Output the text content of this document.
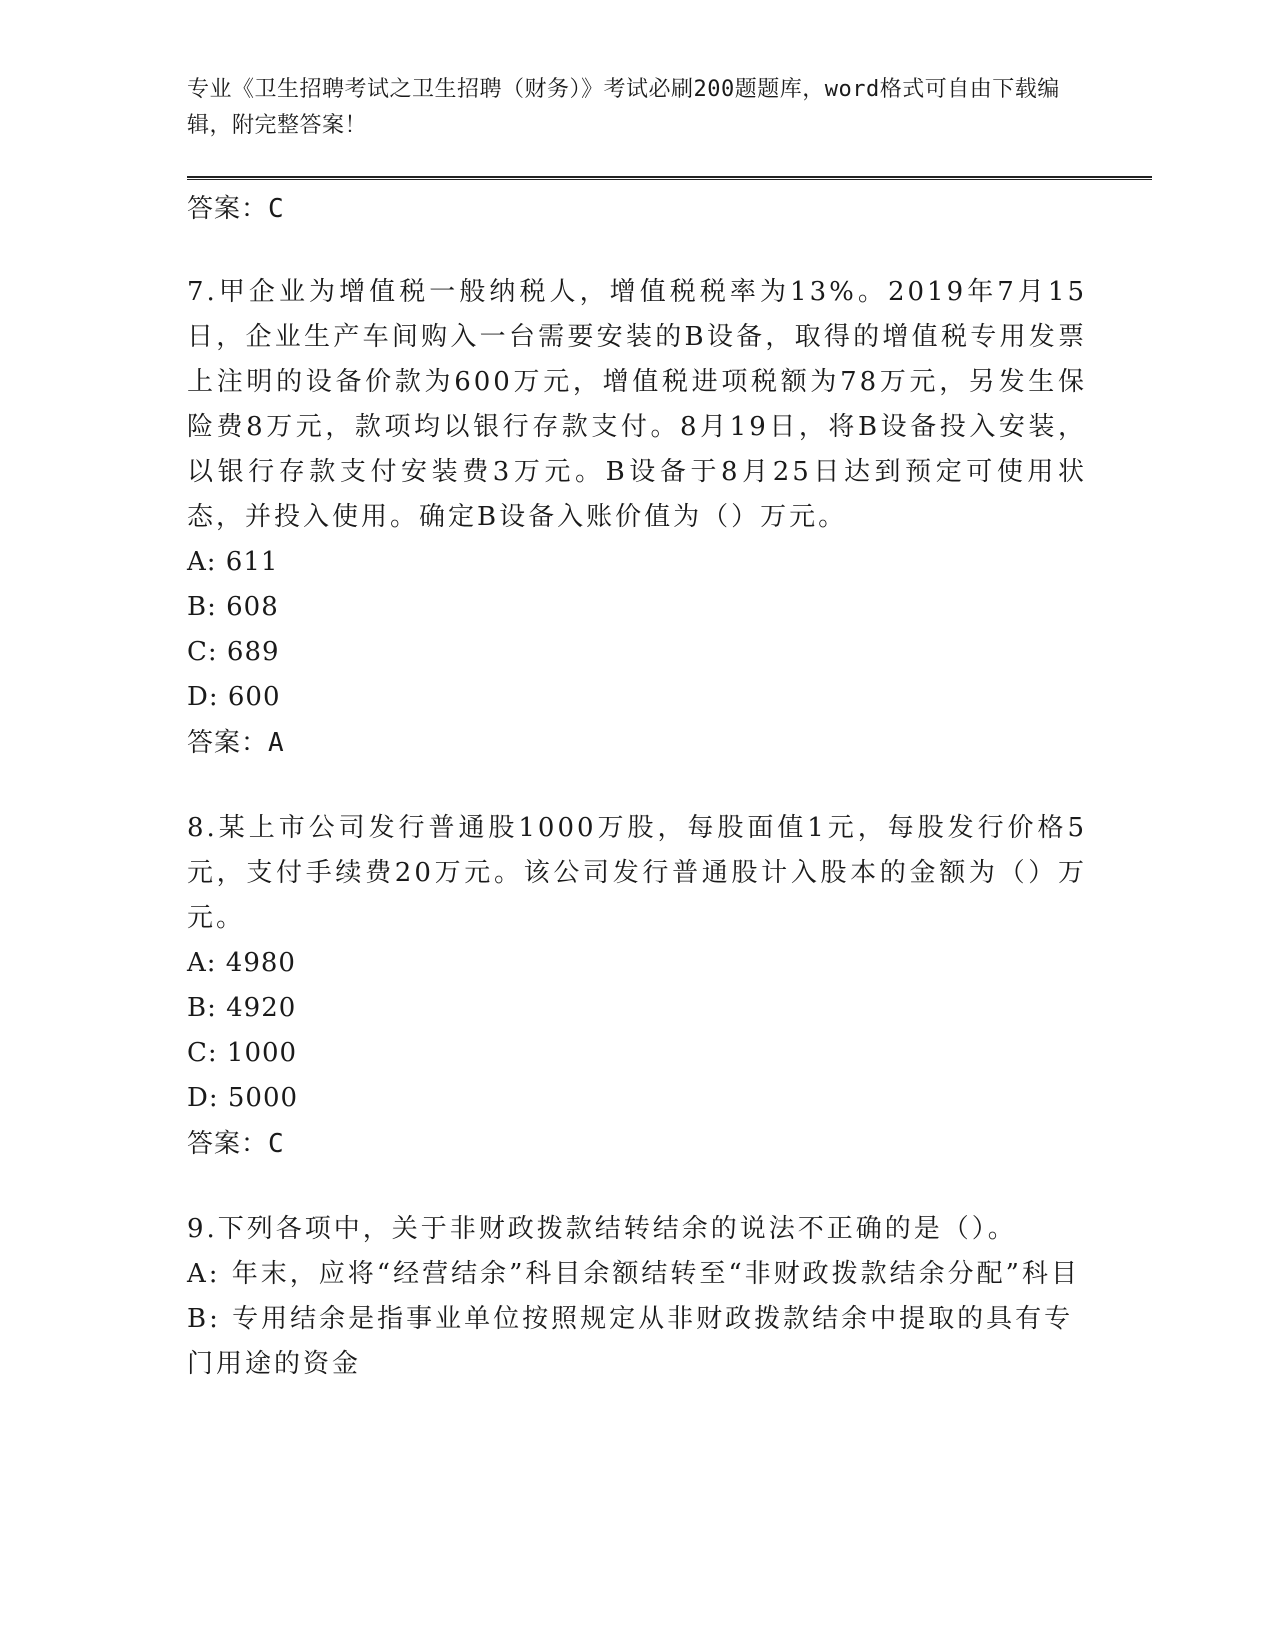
专业《卫生招聘考试之卫生招聘（财务）》考试必刷200题题库，word格式可自由下载编辑，附完整答案！
答案：C
7.甲企业为增值税一般纳税人，增值税税率为13%。2019年7月15日，企业生产车间购入一台需要安装的B设备，取得的增值税专用发票上注明的设备价款为600万元，增值税进项税额为78万元，另发生保险费8万元，款项均以银行存款支付。8月19日，将B设备投入安装，以银行存款支付安装费3万元。B设备于8月25日达到预定可使用状态，并投入使用。确定B设备入账价值为（）万元。
A: 611
B: 608
C: 689
D: 600
答案：A
8.某上市公司发行普通股1000万股，每股面值1元，每股发行价格5元，支付手续费20万元。该公司发行普通股计入股本的金额为（）万元。
A: 4980
B: 4920
C: 1000
D: 5000
答案：C
9.下列各项中，关于非财政拨款结转结余的说法不正确的是（）。
A: 年末，应将“经营结余”科目余额结转至“非财政拨款结余分配”科目
B: 专用结余是指事业单位按照规定从非财政拨款结余中提取的具有专门用途的资金
